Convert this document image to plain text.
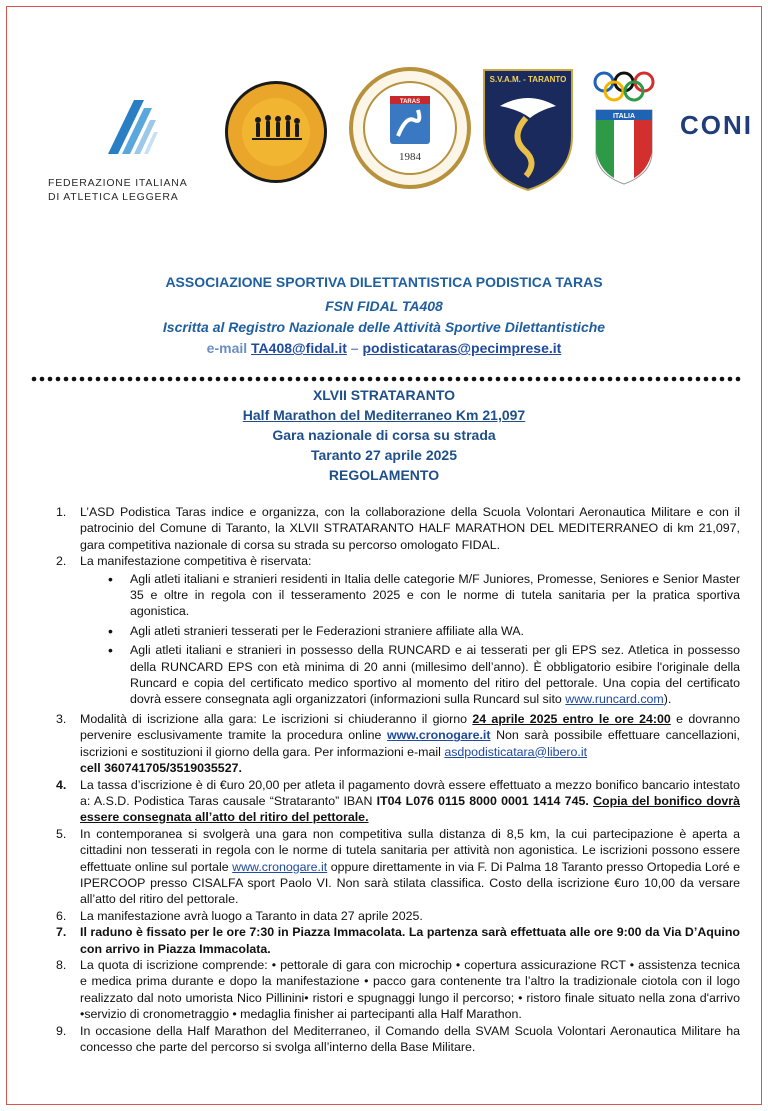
FEDERAZIONE ITALIANA
DI ATLETICA LEGGERA
1984
TARAS
S.V.A.M. - TARANTO
ITALIA CONI
ASSOCIAZIONE SPORTIVA DILETTANTISTICA PODISTICA TARAS
FSN FIDAL TA408
Iscritta al Registro Nazionale delle Attività Sportive Dilettantistiche
e-mail TA408@fidal.it – podisticataras@pecimprese.it
XLVII STRATARANTO
Half Marathon del Mediterraneo Km 21,097
Gara nazionale di corsa su strada
Taranto 27 aprile 2025
REGOLAMENTO
1. L’ASD Podistica Taras indice e organizza, con la collaborazione della Scuola Volontari Aeronautica Militare e con il patrocinio del Comune di Taranto, la XLVII STRATARANTO HALF MARATHON DEL MEDITERRANEO di km 21,097, gara competitiva nazionale di corsa su strada su percorso omologato FIDAL.
2. La manifestazione competitiva è riservata:
• Agli atleti italiani e stranieri residenti in Italia delle categorie M/F Juniores, Promesse, Seniores e Senior Master 35 e oltre in regola con il tesseramento 2025 e con le norme di tutela sanitaria per la pratica sportiva agonistica.
• Agli atleti stranieri tesserati per le Federazioni straniere affiliate alla WA.
• Agli atleti italiani e stranieri in possesso della RUNCARD e ai tesserati per gli EPS sez. Atletica in possesso della RUNCARD EPS con età minima di 20 anni (millesimo dell’anno). È obbligatorio esibire l'originale della Runcard e copia del certificato medico sportivo al momento del ritiro del pettorale. Una copia del certificato dovrà essere consegnata agli organizzatori (informazioni sulla Runcard sul sito www.runcard.com).
3. Modalità di iscrizione alla gara: Le iscrizioni si chiuderanno il giorno 24 aprile 2025 entro le ore 24:00 e dovranno pervenire esclusivamente tramite la procedura online www.cronogare.it Non sarà possibile effettuare cancellazioni, iscrizioni e sostituzioni il giorno della gara. Per informazioni e-mail asdpodisticatara@libero.it
cell 360741705/3519035527.
4. La tassa d’iscrizione è di €uro 20,00 per atleta il pagamento dovrà essere effettuato a mezzo bonifico bancario intestato a: A.S.D. Podistica Taras causale “Strataranto” IBAN IT04 L076 0115 8000 0001 1414 745. Copia del bonifico dovrà essere consegnata all’atto del ritiro del pettorale.
5. In contemporanea si svolgerà una gara non competitiva sulla distanza di 8,5 km, la cui partecipazione è aperta a cittadini non tesserati in regola con le norme di tutela sanitaria per attività non agonistica. Le iscrizioni possono essere effettuate online sul portale www.cronogare.it oppure direttamente in via F. Di Palma 18 Taranto presso Ortopedia Loré e IPERCOOP presso CISALFA sport Paolo VI. Non sarà stilata classifica. Costo della iscrizione €uro 10,00 da versare all’atto del ritiro del pettorale.
6. La manifestazione avrà luogo a Taranto in data 27 aprile 2025.
7. Il raduno è fissato per le ore 7:30 in Piazza Immacolata. La partenza sarà effettuata alle ore 9:00 da Via D’Aquino con arrivo in Piazza Immacolata.
8. La quota di iscrizione comprende: • pettorale di gara con microchip • copertura assicurazione RCT • assistenza tecnica e medica prima durante e dopo la manifestazione • pacco gara contenente tra l’altro la tradizionale ciotola con il logo realizzato dal noto umorista Nico Pillinini• ristori e spugnaggi lungo il percorso; • ristoro finale situato nella zona d'arrivo •servizio di cronometraggio • medaglia finisher ai partecipanti alla Half Marathon.
9. In occasione della Half Marathon del Mediterraneo, il Comando della SVAM Scuola Volontari Aeronautica Militare ha concesso che parte del percorso si svolga all’interno della Base Militare.
